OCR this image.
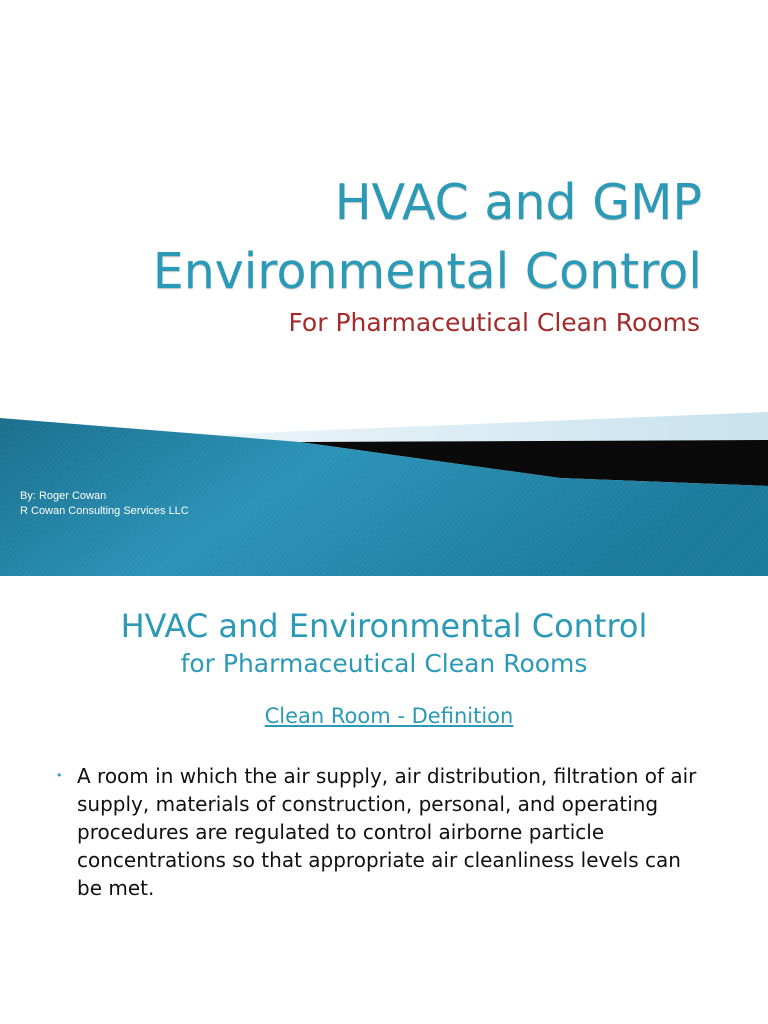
HVAC and GMP
Environmental Control

For Pharmaceutical Clean Rooms

By: Roger Cowan
R Cowan Consulting Services LLC
HVAC and Environmental Control
for Pharmaceutical Clean Rooms
Clean Room - Definition
• A room in which the air supply, air distribution, filtration of air supply, materials of construction, personal, and operating procedures are regulated to control airborne particle concentrations so that appropriate air cleanliness levels can be met.
